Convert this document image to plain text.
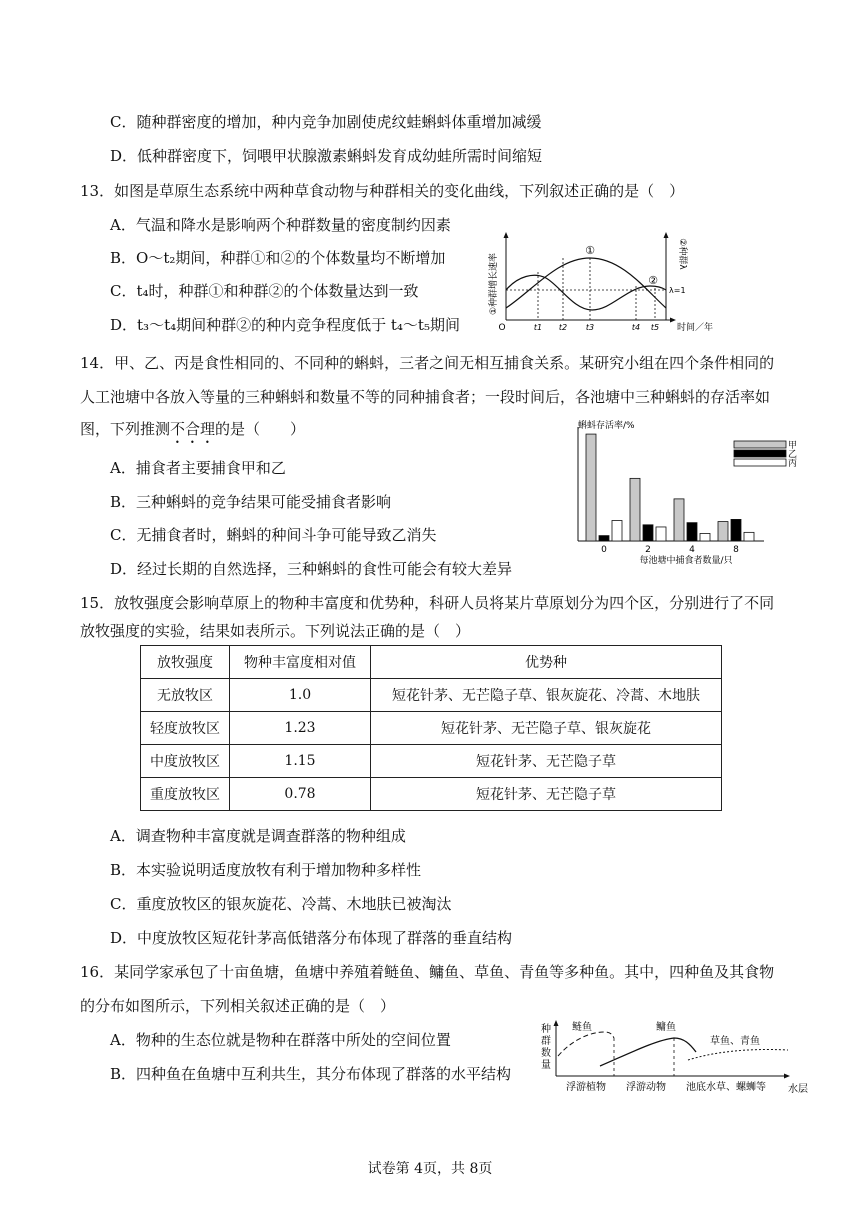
C．随种群密度的增加，种内竞争加剧使虎纹蛙蝌蚪体重增加减缓
D．低种群密度下，饲喂甲状腺激素蝌蚪发育成幼蛙所需时间缩短
13．如图是草原生态系统中两种草食动物与种群相关的变化曲线，下列叙述正确的是（　）
A．气温和降水是影响两个种群数量的密度制约因素
B．O～t₂期间，种群①和②的个体数量均不断增加
C．t₄时，种群①和种群②的个体数量达到一致
D．t₃～t₄期间种群②的种内竞争程度低于 t₄～t₅期间
①种群增长速率	②种群λ
O
λ=1
①
②
t1 t2 t3	t4 t5 时间／年
14．甲、乙、丙是食性相同的、不同种的蝌蚪，三者之间无相互捕食关系。某研究小组在四个条件相同的
人工池塘中各放入等量的三种蝌蚪和数量不等的同种捕食者；一段时间后，各池塘中三种蝌蚪的存活率如
图，下列推测不合理的是（　　）
A．捕食者主要捕食甲和乙
B．三种蝌蚪的竞争结果可能受捕食者影响
C．无捕食者时，蝌蚪的种间斗争可能导致乙消失
D．经过长期的自然选择，三种蝌蚪的食性可能会有较大差异
蝌蚪存活率/%
0	2	4	8
每池塘中捕食者数量/只
甲
乙
丙
15．放牧强度会影响草原上的物种丰富度和优势种，科研人员将某片草原划分为四个区，分别进行了不同
放牧强度的实验，结果如表所示。下列说法正确的是（　）
放牧强度	物种丰富度相对值	优势种
无放牧区	1.0	短花针茅、无芒隐子草、银灰旋花、冷蒿、木地肤
轻度放牧区	1.23	短花针茅、无芒隐子草、银灰旋花
中度放牧区	1.15	短花针茅、无芒隐子草
重度放牧区	0.78	短花针茅、无芒隐子草
A．调查物种丰富度就是调查群落的物种组成
B．本实验说明适度放牧有利于增加物种多样性
C．重度放牧区的银灰旋花、冷蒿、木地肤已被淘汰
D．中度放牧区短花针茅高低错落分布体现了群落的垂直结构
16．某同学家承包了十亩鱼塘，鱼塘中养殖着鲢鱼、鳙鱼、草鱼、青鱼等多种鱼。其中，四种鱼及其食物
的分布如图所示，下列相关叙述正确的是（　）
A．物种的生态位就是物种在群落中所处的空间位置
B．四种鱼在鱼塘中互利共生，其分布体现了群落的水平结构
种
群
数
量
鲢鱼	鳙鱼
草鱼、青鱼
浮游植物 浮游动物 池底水草、螺蛳等 水层
试卷第 4页，共 8页
